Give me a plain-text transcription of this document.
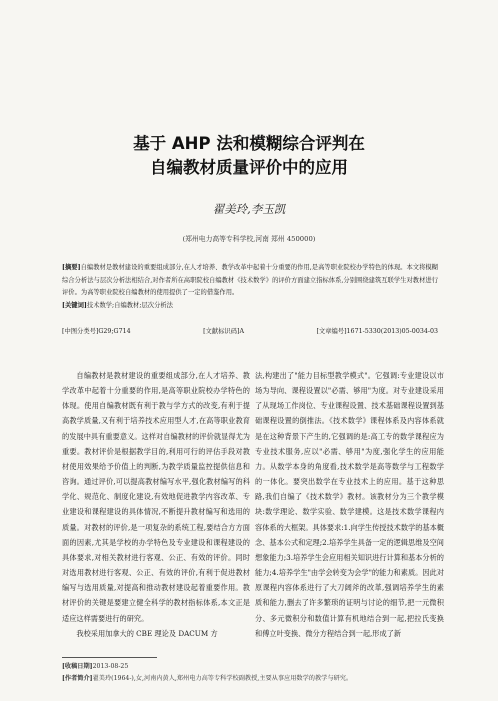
基于 AHP 法和模糊综合评判在
自编教材质量评价中的应用
翟美玲,李玉凯
(郑州电力高等专科学校,河南 郑州 450000)
[摘要]自编教材是教材建设的重要组成部分,在人才培养、教学改革中起着十分重要的作用,是高等职业院校办学特色的体现。本文将模糊综合分析法与层次分析法相结合,对作者所在高职院校自编教材《技术数学》的评价方面建立指标体系,分别围绕建筑互联学生对教材进行评价。为高等职业院校自编教材的使用提供了一定的借鉴作用。
[关键词]技术数学;自编教材;层次分析法
[中图分类号]G29;G714	[文献标识码]A	[文章编号]1671-5330(2013)05-0034-03

自编教材是教材建设的重要组成部分,在人才培养、教学改革中起着十分重要的作用,是高等职业院校办学特色的体现。使用自编教材既有利于教与学方式的改变,有利于提高教学质量,又有利于培养技术应用型人才,在高等职业教育的发展中具有重要意义。这样对自编教材的评价就显得尤为重要。教材评价是根据教学目的,利用可行的评估手段对教材使用效果给予价值上的判断,为教学质量监控提供信息和咨询。通过评价,可以提高教材编写水平,强化教材编写的科学化、规范化、制度化建设,有效地促进教学内容改革、专业建设和课程建设的具体情况,不断提升教材编写和选用的质量。对教材的评价,是一项复杂的系统工程,要结合方方面面的因素,尤其是学校的办学特色及专业建设和课程建设的具体要求,对相关教材进行客观、公正、有效的评价。同时对选用教材进行客观、公正、有效的评价,有利于促进教材编写与选用质量,对提高和推动教材建设起着重要作用。教材评价的关键是要建立健全科学的教材指标体系,本文正是适应这样需要进行的研究。

我校采用加拿大的 CBE 理论及 DACUM 方

法,构建出了"能力目标型教学模式"。它强调:专业建设以市场为导向、课程设置以"必需、够用"为度。对专业建设采用了从现场工作岗位、专业课程设置、技术基础课程设置到基础课程设置的倒推法。《技术数学》课程体系及内容体系就是在这种背景下产生的,它强调的是:高工专的数学课程应为专业技术服务,应以"必需、够用"为度,强化学生的应用能力。从数学本身的角度看,技术数学是高等数学与工程数学的一体化。要突出数学在专业技术上的应用。基于这种思路,我们自编了《技术数学》教材。该教材分为三个教学模块:数学理论、数学实验、数学建模。这是技术数学课程内容体系的大框架。具体要求:1.向学生传授技术数学的基本概念、基本公式和定理;2.培养学生具备一定的逻辑思维及空间想象能力;3.培养学生会应用相关知识进行计算和基本分析的能力;4.培养学生"由学会转变为会学"的能力和素质。因此对原课程内容体系进行了大刀阔斧的改革,强调培养学生的素质和能力,删去了许多繁琐的证明与讨论的细节,把一元微积分、多元微积分和数值计算有机地结合到一起,把拉氏变换和傅立叶变换、微分方程结合到一起,形成了新

[收稿日期]2013-08-25
[作者简介]翟美玲(1964-),女,河南内黄人,郑州电力高等专科学校副教授,主要从事应用数学的教学与研究。
